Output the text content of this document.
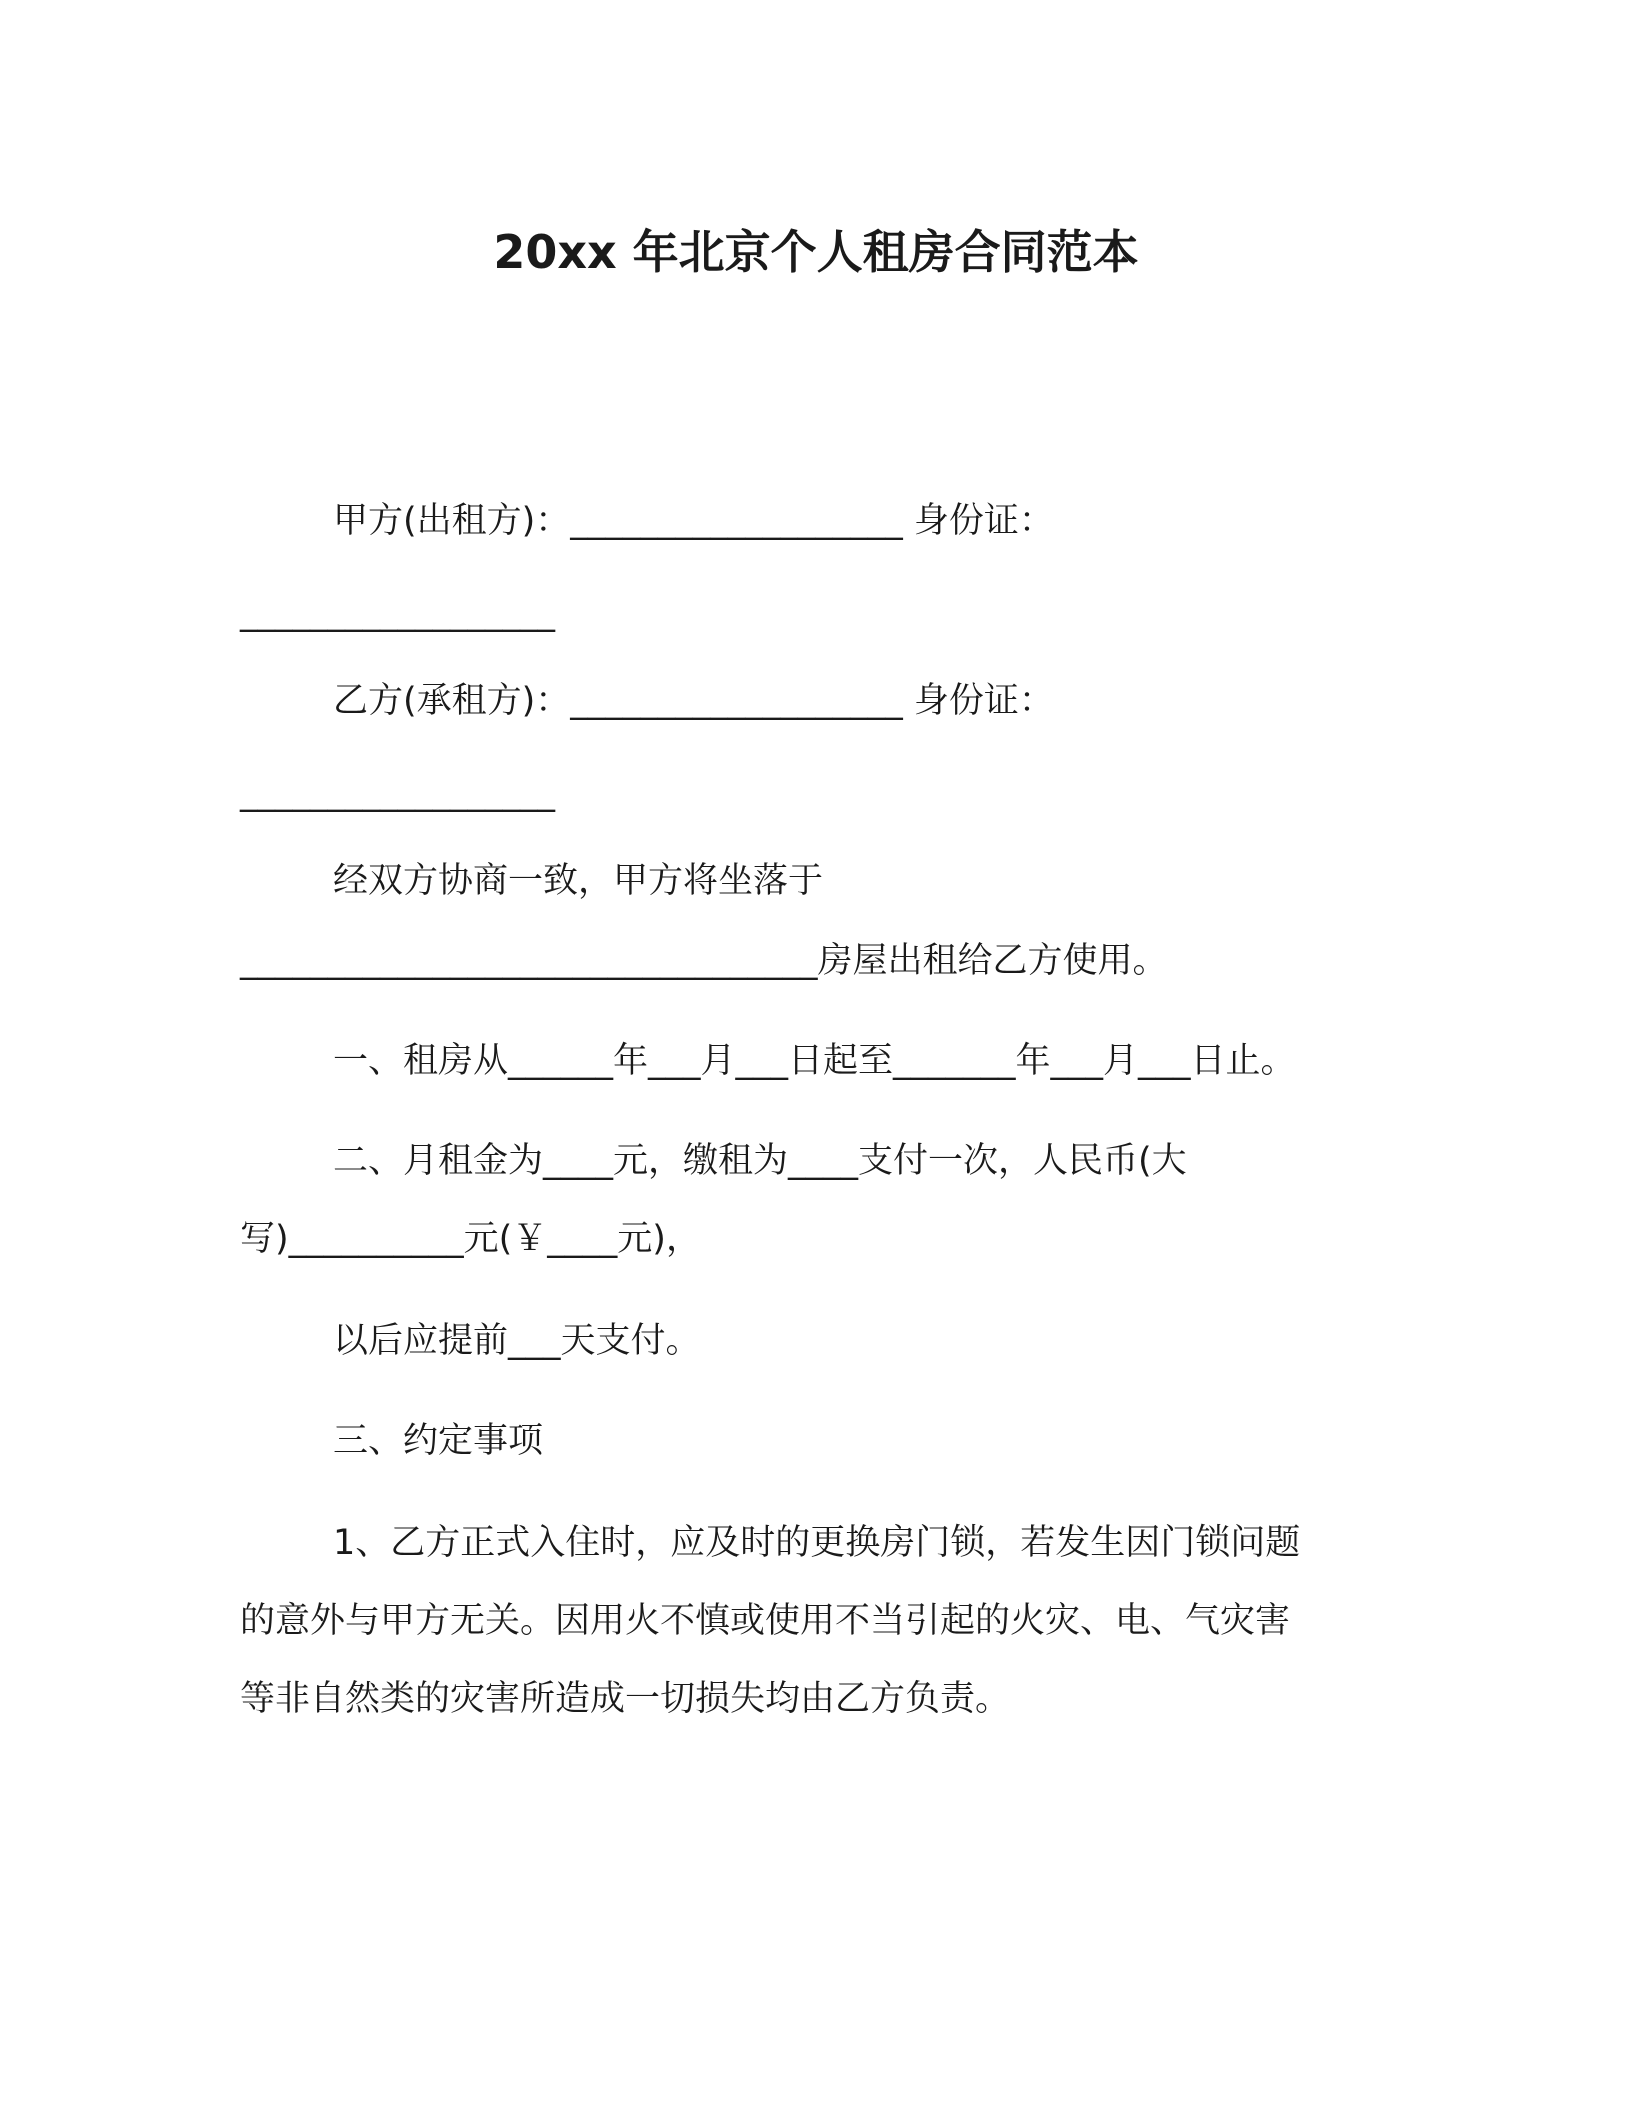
20xx 年北京个人租房合同范本
甲方(出租方)：___________________ 身份证：
__________________
乙方(承租方)：___________________ 身份证：
__________________
经双方协商一致，甲方将坐落于
_________________________________房屋出租给乙方使用。
一、租房从______年___月___日起至_______年___月___日止。
二、月租金为____元，缴租为____支付一次，人民币(大
写)__________元(￥____元)，
以后应提前___天支付。
三、约定事项
1、乙方正式入住时，应及时的更换房门锁，若发生因门锁问题
的意外与甲方无关。因用火不慎或使用不当引起的火灾、电、气灾害
等非自然类的灾害所造成一切损失均由乙方负责。
